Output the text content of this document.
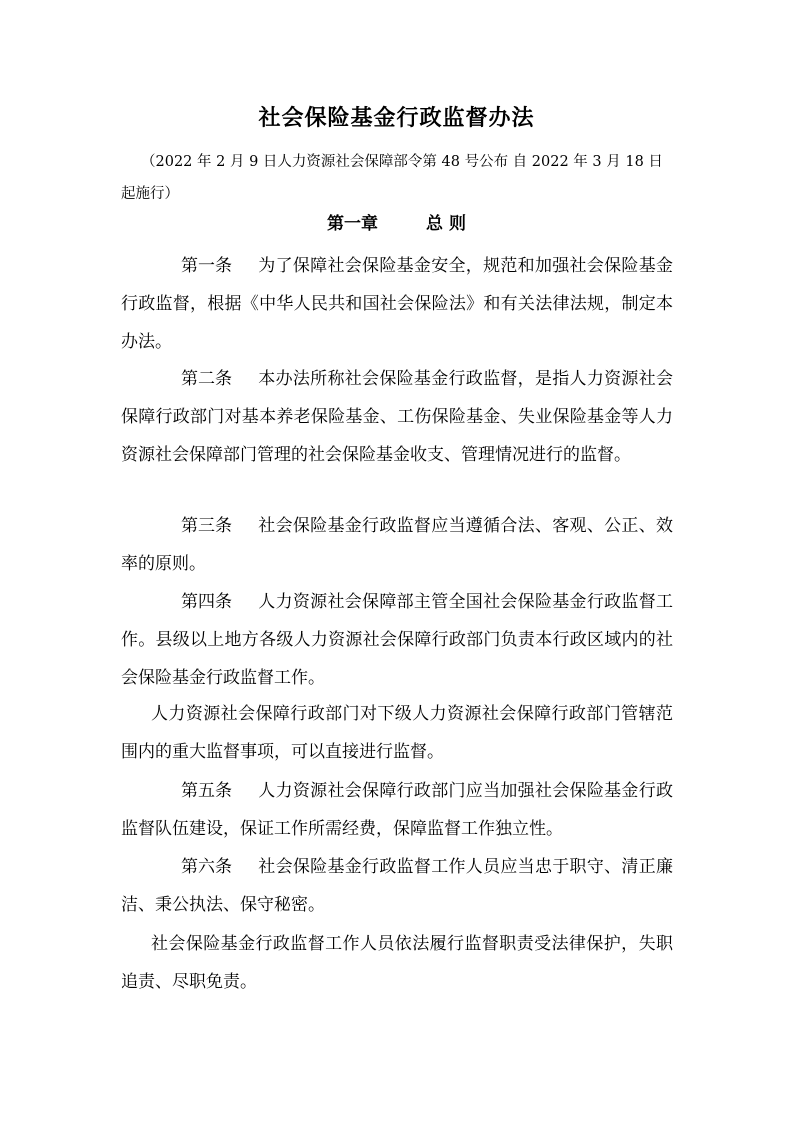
社会保险基金行政监督办法
（2022 年 2 月 9 日人力资源社会保障部令第 48 号公布 自 2022 年 3 月 18 日起施行）
第一章	总 则
第一条 为了保障社会保险基金安全，规范和加强社会保险基金行政监督，根据《中华人民共和国社会保险法》和有关法律法规，制定本办法。
第二条 本办法所称社会保险基金行政监督，是指人力资源社会保障行政部门对基本养老保险基金、工伤保险基金、失业保险基金等人力资源社会保障部门管理的社会保险基金收支、管理情况进行的监督。
第三条 社会保险基金行政监督应当遵循合法、客观、公正、效率的原则。
第四条 人力资源社会保障部主管全国社会保险基金行政监督工作。县级以上地方各级人力资源社会保障行政部门负责本行政区域内的社会保险基金行政监督工作。
人力资源社会保障行政部门对下级人力资源社会保障行政部门管辖范围内的重大监督事项，可以直接进行监督。
第五条 人力资源社会保障行政部门应当加强社会保险基金行政监督队伍建设，保证工作所需经费，保障监督工作独立性。
第六条 社会保险基金行政监督工作人员应当忠于职守、清正廉洁、秉公执法、保守秘密。
社会保险基金行政监督工作人员依法履行监督职责受法律保护，失职追责、尽职免责。
